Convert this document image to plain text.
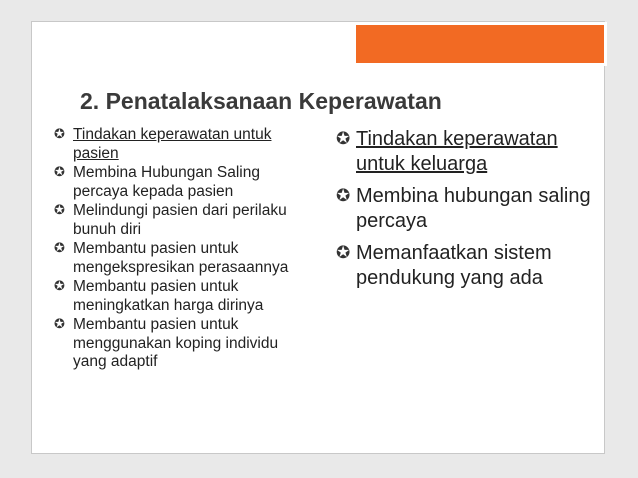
2. Penatalaksanaan Keperawatan
✪ Tindakan keperawatan untuk pasien
✪ Membina Hubungan Saling percaya kepada pasien
✪ Melindungi pasien dari perilaku bunuh diri
✪ Membantu pasien untuk mengekspresikan perasaannya
✪ Membantu pasien untuk meningkatkan harga dirinya
✪ Membantu pasien untuk menggunakan koping individu yang adaptif
✪ Tindakan keperawatan untuk keluarga
✪ Membina hubungan saling percaya
✪ Memanfaatkan sistem pendukung yang ada
